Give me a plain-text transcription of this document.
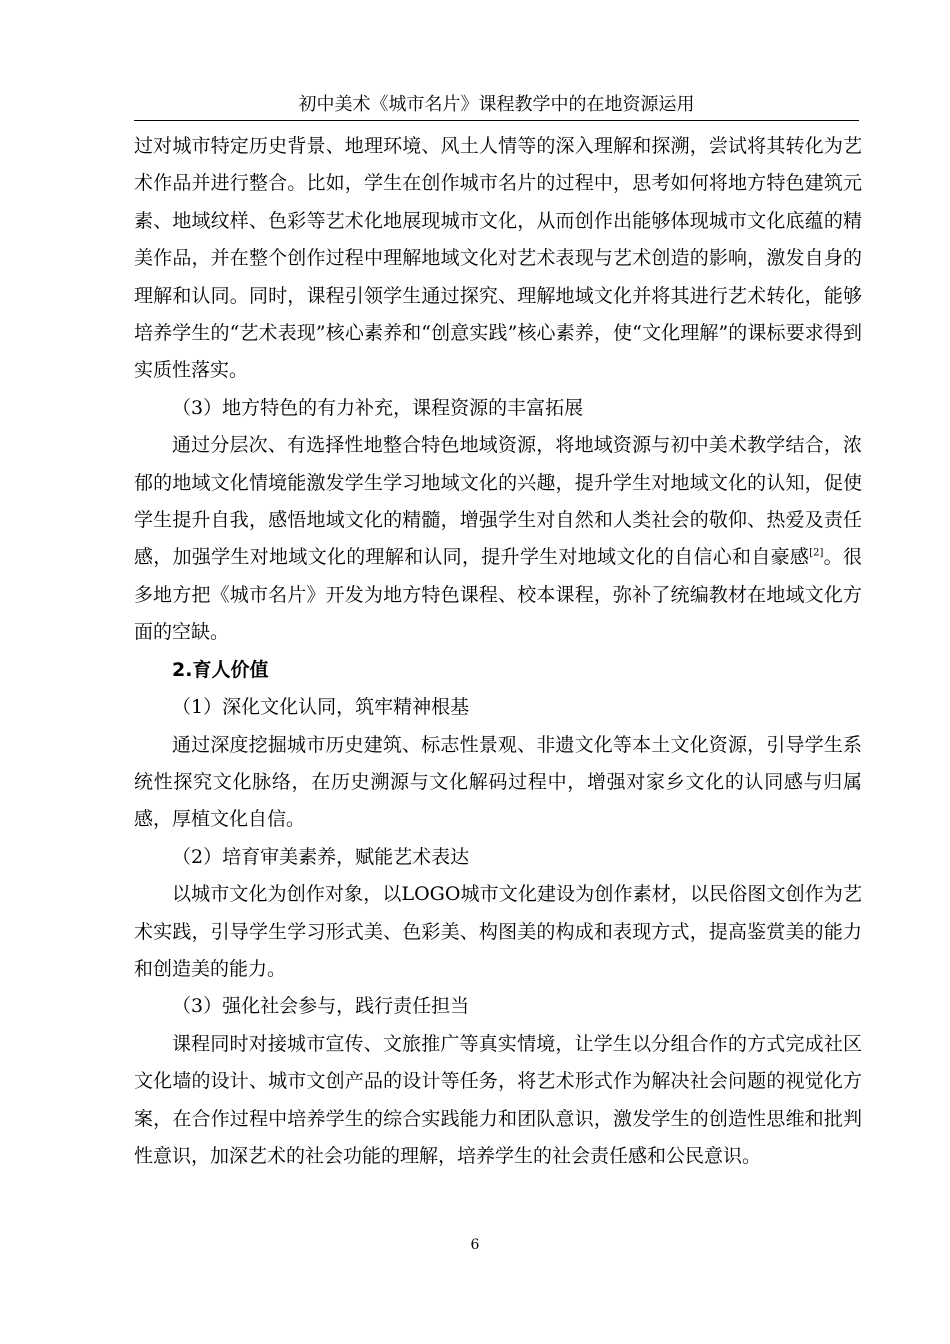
初中美术《城市名片》课程教学中的在地资源运用

过对城市特定历史背景、地理环境、风土人情等的深入理解和探溯，尝试将其转化为艺术作品并进行整合。比如，学生在创作城市名片的过程中，思考如何将地方特色建筑元素、地域纹样、色彩等艺术化地展现城市文化，从而创作出能够体现城市文化底蕴的精美作品，并在整个创作过程中理解地域文化对艺术表现与艺术创造的影响，激发自身的理解和认同。同时，课程引领学生通过探究、理解地域文化并将其进行艺术转化，能够培养学生的“艺术表现”核心素养和“创意实践”核心素养，使“文化理解”的课标要求得到实质性落实。

（3）地方特色的有力补充，课程资源的丰富拓展

通过分层次、有选择性地整合特色地域资源，将地域资源与初中美术教学结合，浓郁的地域文化情境能激发学生学习地域文化的兴趣，提升学生对地域文化的认知，促使学生提升自我，感悟地域文化的精髓，增强学生对自然和人类社会的敬仰、热爱及责任感，加强学生对地域文化的理解和认同，提升学生对地域文化的自信心和自豪感[2]。很多地方把《城市名片》开发为地方特色课程、校本课程，弥补了统编教材在地域文化方面的空缺。

2.育人价值

（1）深化文化认同，筑牢精神根基

通过深度挖掘城市历史建筑、标志性景观、非遗文化等本土文化资源，引导学生系统性探究文化脉络，在历史溯源与文化解码过程中，增强对家乡文化的认同感与归属感，厚植文化自信。

（2）培育审美素养，赋能艺术表达

以城市文化为创作对象，以LOGO城市文化建设为创作素材，以民俗图文创作为艺术实践，引导学生学习形式美、色彩美、构图美的构成和表现方式，提高鉴赏美的能力和创造美的能力。

（3）强化社会参与，践行责任担当

课程同时对接城市宣传、文旅推广等真实情境，让学生以分组合作的方式完成社区文化墙的设计、城市文创产品的设计等任务，将艺术形式作为解决社会问题的视觉化方案，在合作过程中培养学生的综合实践能力和团队意识，激发学生的创造性思维和批判性意识，加深艺术的社会功能的理解，培养学生的社会责任感和公民意识。

6
